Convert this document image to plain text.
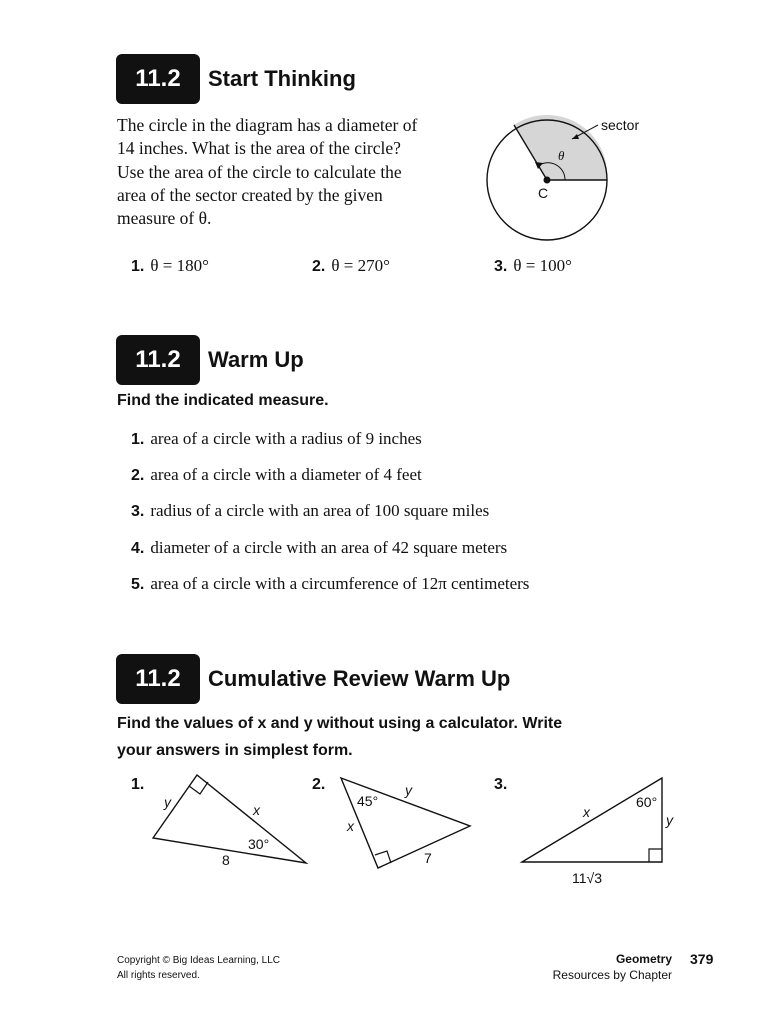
11.2	Start Thinking
The circle in the diagram has a diameter of
14 inches. What is the area of the circle?
Use the area of the circle to calculate the
area of the sector created by the given
measure of θ.
sector
θ
C
1. θ = 180°	2. θ = 270°	3. θ = 100°
11.2	Warm Up
Find the indicated measure.
1. area of a circle with a radius of 9 inches
2. area of a circle with a diameter of 4 feet
3. radius of a circle with an area of 100 square miles
4. diameter of a circle with an area of 42 square meters
5. area of a circle with a circumference of 12π centimeters
11.2	Cumulative Review Warm Up
Find the values of x and y without using a calculator. Write
your answers in simplest form.
1.
y	x
30°
8
2.
45°
y
x
7
3.
x
60°
y
11√3
Copyright © Big Ideas Learning, LLC
All rights reserved.
Geometry
Resources by Chapter
379
